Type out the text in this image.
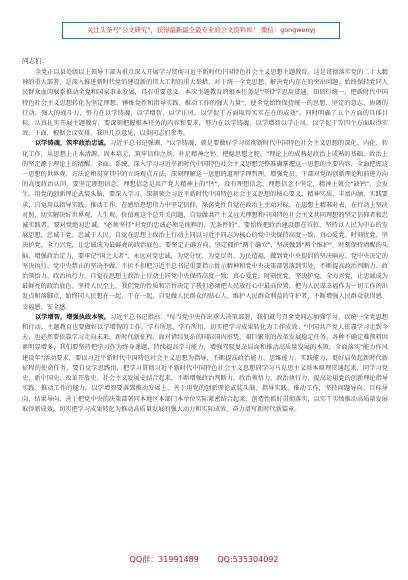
关注头条号"公文研究"，获得最新最全最专业的公文资料库！ 微信：gongwenyj
同志们：

全党正以县处级以上领导干部为重点深入开展学习贯彻习近平新时代中国特色社会主义思想主题教育。这是贯彻落实党的二十大精神的重大部署，是深入推进新时代党的建设新的伟大工程的重大举措，对于统一全党思想、解决党内存在的突出问题、始终保持党同人民群众血肉联系推动全党和国家事业发展，具有重要意义。本次主题教育的根本任务是"坚持学思用贯通、知信行统一，把新时代中国特色社会主义思想转化为坚定理想、锤炼党性和指导实践、推动工作的强大力量"，使全党始终保持统一的思想、坚定的意志、协调的行动、强大的战斗力，努力在以学铸魂、以学增智、以学正风、以学促干方面取得实实在在的成效"。同时明确了五个方面的具体目标。认真扎实开展主题教育，要深刻把握根本任务的内容和要求，努力在以学铸魂、以学增智以学正风、以学促干等四个方面取得实效，下面，根据会议安排，我讲几点意见，以供同志们参考。

以学铸魂，筑牢政治忠诚。习近平总书记强调，"以学铸魂，就是要做好学习贯彻新时代中国特色社会主义思想的深化、内化、转化工作，从思想上正本清源、固本培元，筑牢信仰之基、补足精神之钙、把稳思想之舵。"理论上的成熟是政治上成熟的基础，政治上的坚定源于理论上的清醒。全面、系统、深入学习习近平新时代中国特色社会主义思想完整准确掌握这一思想的主要内容，全面把握这一思想的世界观、方法论和贯穿其中的立场观点方法，深刻理解这一思想的道理学理哲理，增强党员、干部对党的创新理论和前进方向的高度政治认同。要坚定理想信念。理想信念是共产党人精神上的"钙"，没有理想信念，理想信念不坚定，精神上就会"缺钙"，会发生。用党的创新理论武装头脑，要深入学习、深刻领会习近平新时代中国特色社会主义思想的核心要义、精神实质、丰富内涵、实践要求，自觉用以指导实践、推动工作。在感悟思想伟力中坚定信仰，涤荡党性自觉在政治上主动对标，在思想上精准对表，在行动上坚决对照，切实解决好世界观、人生观、价值观这个总开关问题，自觉做共产主义远大理想和中国特色社会主义共同理想的坚定信仰者和忠诚实践者。要对党绝对忠诚。"必须坚持"对党的忠诚必须是纯粹的、无条件的"。要始终把政治建设摆在首位，坚持以人民为中心的发展思想，忠诚于党、忠诚于人民，自觉在思想上政治上行动上同以习近平同志为核心的党中央保持高度一致，真心爱党、时刻忧党、坚决护党、全力兴党，让忠诚成为最鲜亮的政治底色。要坚定正确方向。坚定拥护"两个确立"、坚决做到"两个维护"，时刻保持清醒的头脑，增强政治定力，要牢记"国之大者"，永远对党忠诚，为党分忧、为党尽责、为民造福，做到党中央提倡的坚决响应、党中央决定的坚决执行、党中央禁止的坚决不做，不折不扣把习近平总书记重要指示批示精神和党中央决策部署落到实处，不断提高政治判断力、政治领悟力、政治执行力，自觉在思想上政治上行动上同党中央保持高度一致，真心爱党、时刻忧党、坚决护党、全力兴党，让忠诚成为最鲜亮的政治底色。坚持人民至上，我们党的性质和宗旨决定了我们必须把人民放在心中最高位置，把为人民谋幸福作为一切工作的出发点和落脚点，始终同人民想在一起、干在一起，自觉做人民群众的贴心人、维护人民群众利益的守护者，不断增强人民群众获得感、幸福感、安全感。

以学增智，增强执政本领。习近平总书记指出："每当党中央作出重大决策部署，我们就号召全党同志加强学习，以统一全党思想和行动。主题教育也要做好以学增智的工作，学有所思、学有所悟，切实把学习成果转化为工作成效。"中国共产党人依靠学习走到今天，也必然要依靠学习走向未来。新时代新征程，面对错综复杂的国际国内形势、艰巨繁重的改革发展稳定任务，各种不确定难预料因素明显增多，我们要坚持把学习作为终身课题，持续提高学习能力，增强驾驭复杂局面和推动高质量发展的本领，全面落实"能力作风建设年"活动要求，要以习近平新时代中国特色社会主义思想为指导，不断提高政治能力、思维能力、实践能力，更好肩负起新时代新征程的使命任务。要自觉学思践悟，把学习贯彻习近平新时代中国特色社会主义思想同学习马克思主义基本原理贯通起来，同学习党史、新中国史、改革开放史、社会主义发展史结合起来，不断增强政治判断力、政治领悟力、政治执行力，提高运用党的创新理论指导实践、推动工作的能力。以学增智要落到推动发展上，善于用党的创新理论武装头脑、指导实践、推动工作，坚持问题导向、目标导向、结果导向，善于把党中央的决策部署同本地区本部门本单位实际紧密结合起来，创造性抓好贯彻落实，以实干实绩推动高质量发展取得新成效，切实把学习成果转化为推动高质量发展的强大动力和实际成效，奋力谱写新时代新篇章。

QQ群：31991489 QQ:535304092
